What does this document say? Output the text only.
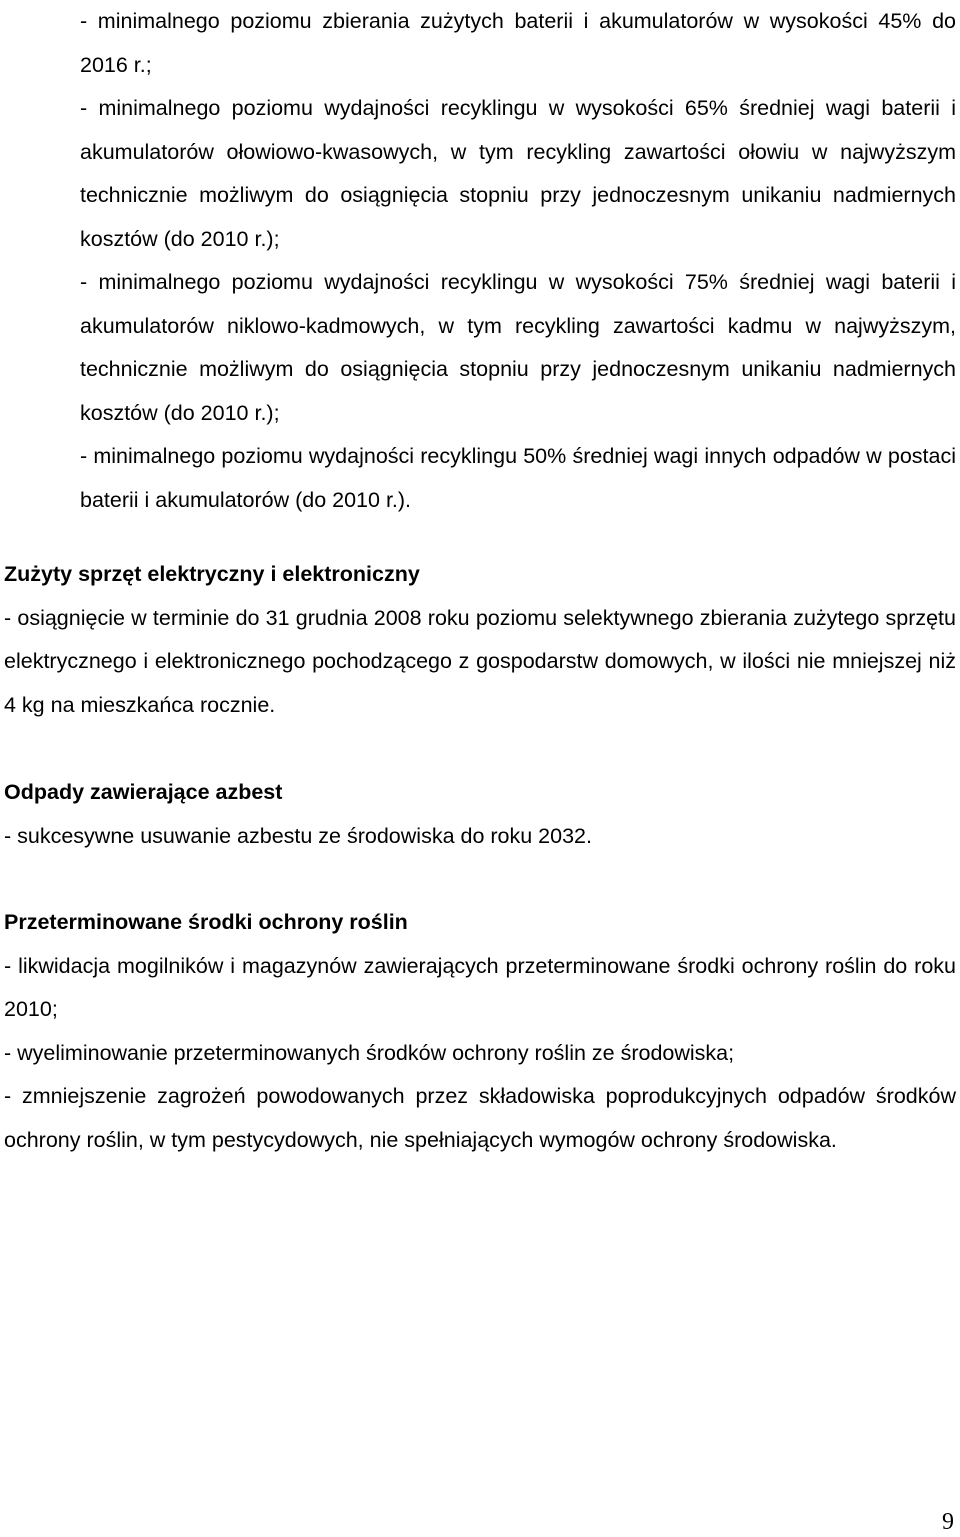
- minimalnego poziomu zbierania zużytych baterii i akumulatorów w wysokości 45% do 2016 r.;

- minimalnego poziomu wydajności recyklingu w wysokości 65% średniej wagi baterii i akumulatorów ołowiowo-kwasowych, w tym recykling zawartości ołowiu w najwyższym technicznie możliwym do osiągnięcia stopniu przy jednoczesnym unikaniu nadmiernych kosztów (do 2010 r.);

- minimalnego poziomu wydajności recyklingu w wysokości 75% średniej wagi baterii i akumulatorów niklowo-kadmowych, w tym recykling zawartości kadmu w najwyższym, technicznie możliwym do osiągnięcia stopniu przy jednoczesnym unikaniu nadmiernych kosztów (do 2010 r.);

- minimalnego poziomu wydajności recyklingu 50% średniej wagi innych odpadów w postaci baterii i akumulatorów (do 2010 r.).

Zużyty sprzęt elektryczny i elektroniczny

- osiągnięcie w terminie do 31 grudnia 2008 roku poziomu selektywnego zbierania zużytego sprzętu elektrycznego i elektronicznego pochodzącego z gospodarstw domowych, w ilości nie mniejszej niż 4 kg na mieszkańca rocznie.

Odpady zawierające azbest

- sukcesywne usuwanie azbestu ze środowiska do roku 2032.

Przeterminowane środki ochrony roślin

- likwidacja mogilników i magazynów zawierających przeterminowane środki ochrony roślin do roku 2010;

- wyeliminowanie przeterminowanych środków ochrony roślin ze środowiska;

- zmniejszenie zagrożeń powodowanych przez składowiska poprodukcyjnych odpadów środków ochrony roślin, w tym pestycydowych, nie spełniających wymogów ochrony środowiska.

9
